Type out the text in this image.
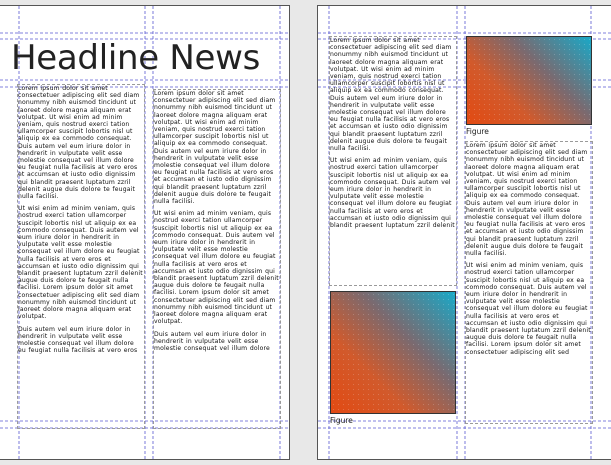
Headline News

Lorem ipsum dolor sit amet consectetuer adipiscing elit sed diam nonummy nibh euismod tincidunt ut laoreet dolore magna aliquam erat volutpat. Ut wisi enim ad minim veniam, quis nostrud exerci tation ullamcorper suscipit lobortis nisl ut aliquip ex ea commodo consequat. Duis autem vel eum iriure dolor in hendrerit in vulputate velit esse molestie consequat vel illum dolore eu feugiat nulla facilisis at vero eros et accumsan et iusto odio dignissim qui blandit praesent luptatum zzril delenit augue duis dolore te feugait nulla facilisi.

Ut wisi enim ad minim veniam, quis nostrud exerci tation ullamcorper suscipit lobortis nisl ut aliquip ex ea commodo consequat. Duis autem vel eum iriure dolor in hendrerit in vulputate velit esse molestie consequat vel illum dolore eu feugiat nulla facilisis at vero eros et accumsan et iusto odio dignissim qui blandit praesent luptatum zzril delenit augue duis dolore te feugait nulla facilisi. Lorem ipsum dolor sit amet consectetuer adipiscing elit sed diam nonummy nibh euismod tincidunt ut laoreet dolore magna aliquam erat volutpat.

Duis autem vel eum iriure dolor in hendrerit in vulputate velit esse molestie consequat vel illum dolore eu feugiat nulla facilisis at vero eros

Lorem ipsum dolor sit amet consectetuer adipiscing elit sed diam nonummy nibh euismod tincidunt ut laoreet dolore magna aliquam erat volutpat. Ut wisi enim ad minim veniam, quis nostrud exerci tation ullamcorper suscipit lobortis nisl ut aliquip ex ea commodo consequat. Duis autem vel eum iriure dolor in hendrerit in vulputate velit esse molestie consequat vel illum dolore eu feugiat nulla facilisis at vero eros et accumsan et iusto odio dignissim qui blandit praesent luptatum zzril delenit augue duis dolore te feugait nulla facilisi.

Ut wisi enim ad minim veniam, quis nostrud exerci tation ullamcorper suscipit lobortis nisl ut aliquip ex ea commodo consequat. Duis autem vel eum iriure dolor in hendrerit in vulputate velit esse molestie consequat vel illum dolore eu feugiat nulla facilisis at vero eros et accumsan et iusto odio dignissim qui blandit praesent luptatum zzril delenit augue duis dolore te feugait nulla facilisi. Lorem ipsum dolor sit amet consectetuer adipiscing elit sed diam nonummy nibh euismod tincidunt ut laoreet dolore magna aliquam erat volutpat.

Duis autem vel eum iriure dolor in hendrerit in vulputate velit esse molestie consequat vel illum dolore

Lorem ipsum dolor sit amet consectetuer adipiscing elit sed diam nonummy nibh euismod tincidunt ut laoreet dolore magna aliquam erat volutpat. Ut wisi enim ad minim veniam, quis nostrud exerci tation ullamcorper suscipit lobortis nisl ut aliquip ex ea commodo consequat. Duis autem vel eum iriure dolor in hendrerit in vulputate velit esse molestie consequat vel illum dolore eu feugiat nulla facilisis at vero eros et accumsan et iusto odio dignissim qui blandit praesent luptatum zzril delenit augue duis dolore te feugait nulla facilisi.

Ut wisi enim ad minim veniam, quis nostrud exerci tation ullamcorper suscipit lobortis nisl ut aliquip ex ea commodo consequat. Duis autem vel eum iriure dolor in hendrerit in vulputate velit esse molestie consequat vel illum dolore eu feugiat nulla facilisis at vero eros et accumsan et iusto odio dignissim qui blandit praesent luptatum zzril delenit

Figure

Lorem ipsum dolor sit amet consectetuer adipiscing elit sed diam nonummy nibh euismod tincidunt ut laoreet dolore magna aliquam erat volutpat. Ut wisi enim ad minim veniam, quis nostrud exerci tation ullamcorper suscipit lobortis nisl ut aliquip ex ea commodo consequat. Duis autem vel eum iriure dolor in hendrerit in vulputate velit esse molestie consequat vel illum dolore eu feugiat nulla facilisis at vero eros et accumsan et iusto odio dignissim qui blandit praesent luptatum zzril delenit augue duis dolore te feugait nulla facilisi.

Ut wisi enim ad minim veniam, quis nostrud exerci tation ullamcorper suscipit lobortis nisl ut aliquip ex ea commodo consequat. Duis autem vel eum iriure dolor in hendrerit in vulputate velit esse molestie consequat vel illum dolore eu feugiat nulla facilisis at vero eros et accumsan et iusto odio dignissim qui blandit praesent luptatum zzril delenit augue duis dolore te feugait nulla facilisi. Lorem ipsum dolor sit amet consectetuer adipiscing elit sed

Figure
